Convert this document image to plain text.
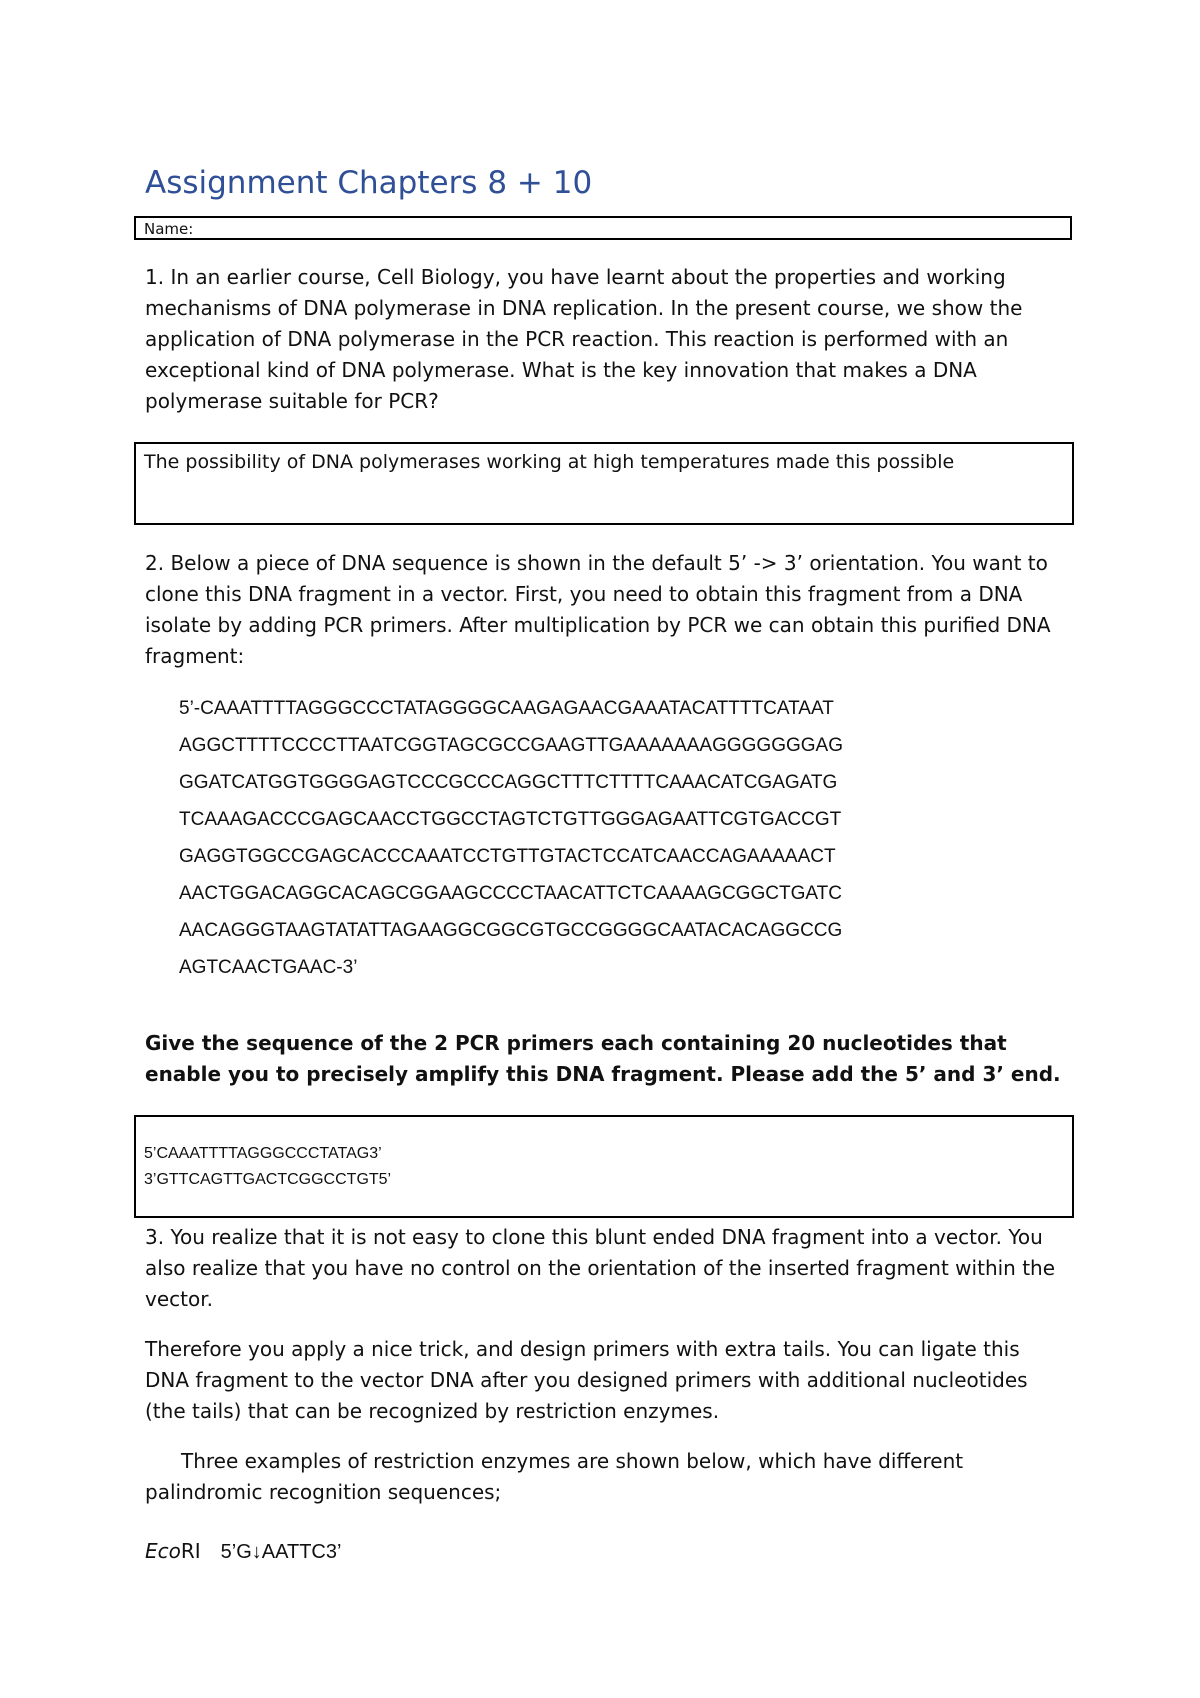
Assignment Chapters 8 + 10
Name:

1. In an earlier course, Cell Biology, you have learnt about the properties and working mechanisms of DNA polymerase in DNA replication. In the present course, we show the application of DNA polymerase in the PCR reaction. This reaction is performed with an exceptional kind of DNA polymerase. What is the key innovation that makes a DNA polymerase suitable for PCR?

The possibility of DNA polymerases working at high temperatures made this possible

2. Below a piece of DNA sequence is shown in the default 5’ -> 3’ orientation. You want to clone this DNA fragment in a vector. First, you need to obtain this fragment from a DNA isolate by adding PCR primers. After multiplication by PCR we can obtain this purified DNA fragment:

5’-CAAATTTTAGGGCCCTATAGGGGCAAGAGAACGAAATACATTTTCATAAT
AGGCTTTTCCCCTTAATCGGTAGCGCCGAAGTTGAAAAAAAGGGGGGGAG
GGATCATGGTGGGGAGTCCCGCCCAGGCTTTCTTTTCAAACATCGAGATG
TCAAAGACCCGAGCAACCTGGCCTAGTCTGTTGGGAGAATTCGTGACCGT
GAGGTGGCCGAGCACCCAAATCCTGTTGTACTCCATCAACCAGAAAAACT
AACTGGACAGGCACAGCGGAAGCCCCTAACATTCTCAAAAGCGGCTGATC
AACAGGGTAAGTATATTAGAAGGCGGCGTGCCGGGGCAATACACAGGCCG
AGTCAACTGAAC-3’

Give the sequence of the 2 PCR primers each containing 20 nucleotides that enable you to precisely amplify this DNA fragment. Please add the 5’ and 3’ end.

5’CAAATTTTAGGGCCCTATAG3’
3’GTTCAGTTGACTCGGCCTGT5’

3. You realize that it is not easy to clone this blunt ended DNA fragment into a vector. You also realize that you have no control on the orientation of the inserted fragment within the vector.

Therefore you apply a nice trick, and design primers with extra tails. You can ligate this DNA fragment to the vector DNA after you designed primers with additional nucleotides (the tails) that can be recognized by restriction enzymes.

Three examples of restriction enzymes are shown below, which have different palindromic recognition sequences;

EcoRI 5’G↓AATTC3’
